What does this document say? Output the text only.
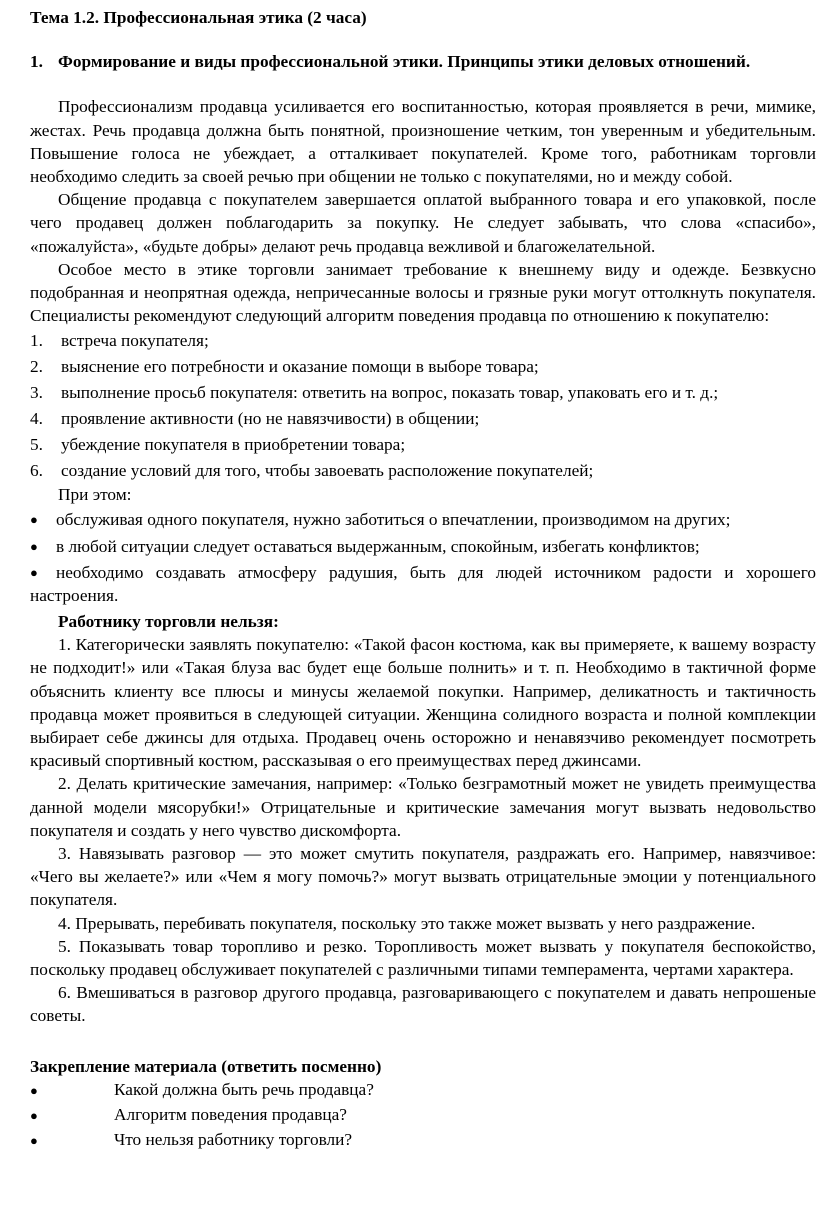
Тема 1.2. Профессиональная этика (2 часа)
1. Формирование и виды профессиональной этики. Принципы этики деловых отношений.

Профессионализм продавца усиливается его воспитанностью, которая проявляется в речи, мимике, жестах. Речь продавца должна быть понятной, произношение четким, тон уверенным и убедительным. Повышение голоса не убеждает, а отталкивает покупателей. Кроме того, работникам торговли необходимо следить за своей речью при общении не только с покупателями, но и между собой.

Общение продавца с покупателем завершается оплатой выбранного товара и его упаковкой, после чего продавец должен поблагодарить за покупку. Не следует забывать, что слова «спасибо», «пожалуйста», «будьте добры» делают речь продавца вежливой и благожелательной.

Особое место в этике торговли занимает требование к внешнему виду и одежде. Безвкусно подобранная и неопрятная одежда, непричесанные волосы и грязные руки могут оттолкнуть покупателя. Специалисты рекомендуют следующий алгоритм поведения продавца по отношению к покупателю:

1.	встреча покупателя;
2.	выяснение его потребности и оказание помощи в выборе товара;
3.	выполнение просьб покупателя: ответить на вопрос, показать товар, упаковать его и т. д.;
4.	проявление активности (но не навязчивости) в общении;
5.	убеждение покупателя в приобретении товара;
6.	создание условий для того, чтобы завоевать расположение покупателей;

При этом:

● обслуживая одного покупателя, нужно заботиться о впечатлении, производимом на других;
● в любой ситуации следует оставаться выдержанным, спокойным, избегать конфликтов;
● необходимо создавать атмосферу радушия, быть для людей источником радости и хорошего настроения.

Работнику торговли нельзя:

1. Категорически заявлять покупателю: «Такой фасон костюма, как вы примеряете, к вашему возрасту не подходит!» или «Такая блуза вас будет еще больше полнить» и т. п. Необходимо в тактичной форме объяснить клиенту все плюсы и минусы желаемой покупки. Например, деликатность и тактичность продавца может проявиться в следующей ситуации. Женщина солидного возраста и полной комплекции выбирает себе джинсы для отдыха. Продавец очень осторожно и ненавязчиво рекомендует посмотреть красивый спортивный костюм, рассказывая о его преимуществах перед джинсами.

2. Делать критические замечания, например: «Только безграмотный может не увидеть преимущества данной модели мясорубки!» Отрицательные и критические замечания могут вызвать недовольство покупателя и создать у него чувство дискомфорта.

3. Навязывать разговор — это может смутить покупателя, раздражать его. Например, навязчивое: «Чего вы желаете?» или «Чем я могу помочь?» могут вызвать отрицательные эмоции у потенциального покупателя.

4. Прерывать, перебивать покупателя, поскольку это также может вызвать у него раздражение.

5. Показывать товар торопливо и резко. Торопливость может вызвать у покупателя беспокойство, поскольку продавец обслуживает покупателей с различными типами темперамента, чертами характера.

6. Вмешиваться в разговор другого продавца, разговаривающего с покупателем и давать непрошеные советы.

Закрепление материала (ответить посменно)

●	Какой должна быть речь продавца?
●	Алгоритм поведения продавца?
●	Что нельзя работнику торговли?
